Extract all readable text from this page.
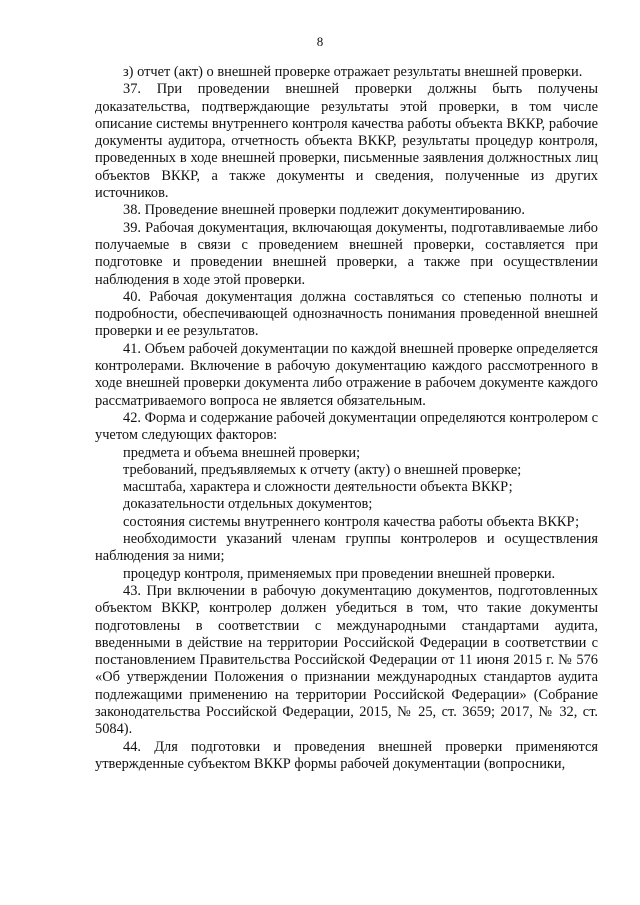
8

з) отчет (акт) о внешней проверке отражает результаты внешней проверки.

37. При проведении внешней проверки должны быть получены доказательства, подтверждающие результаты этой проверки, в том числе описание системы внутреннего контроля качества работы объекта ВККР, рабочие документы аудитора, отчетность объекта ВККР, результаты процедур контроля, проведенных в ходе внешней проверки, письменные заявления должностных лиц объектов ВККР, а также документы и сведения, полученные из других источников.

38. Проведение внешней проверки подлежит документированию.

39. Рабочая документация, включающая документы, подготавливаемые либо получаемые в связи с проведением внешней проверки, составляется при подготовке и проведении внешней проверки, а также при осуществлении наблюдения в ходе этой проверки.

40. Рабочая документация должна составляться со степенью полноты и подробности, обеспечивающей однозначность понимания проведенной внешней проверки и ее результатов.

41. Объем рабочей документации по каждой внешней проверке определяется контролерами. Включение в рабочую документацию каждого рассмотренного в ходе внешней проверки документа либо отражение в рабочем документе каждого рассматриваемого вопроса не является обязательным.

42. Форма и содержание рабочей документации определяются контролером с учетом следующих факторов:

предмета и объема внешней проверки;

требований, предъявляемых к отчету (акту) о внешней проверке;

масштаба, характера и сложности деятельности объекта ВККР;

доказательности отдельных документов;

состояния системы внутреннего контроля качества работы объекта ВККР;

необходимости указаний членам группы контролеров и осуществления наблюдения за ними;

процедур контроля, применяемых при проведении внешней проверки.

43. При включении в рабочую документацию документов, подготовленных объектом ВККР, контролер должен убедиться в том, что такие документы подготовлены в соответствии с международными стандартами аудита, введенными в действие на территории Российской Федерации в соответствии с постановлением Правительства Российской Федерации от 11 июня 2015 г. № 576 «Об утверждении Положения о признании международных стандартов аудита подлежащими применению на территории Российской Федерации» (Собрание законодательства Российской Федерации, 2015, № 25, ст. 3659; 2017, № 32, ст. 5084).

44. Для подготовки и проведения внешней проверки применяются утвержденные субъектом ВККР формы рабочей документации (вопросники,
